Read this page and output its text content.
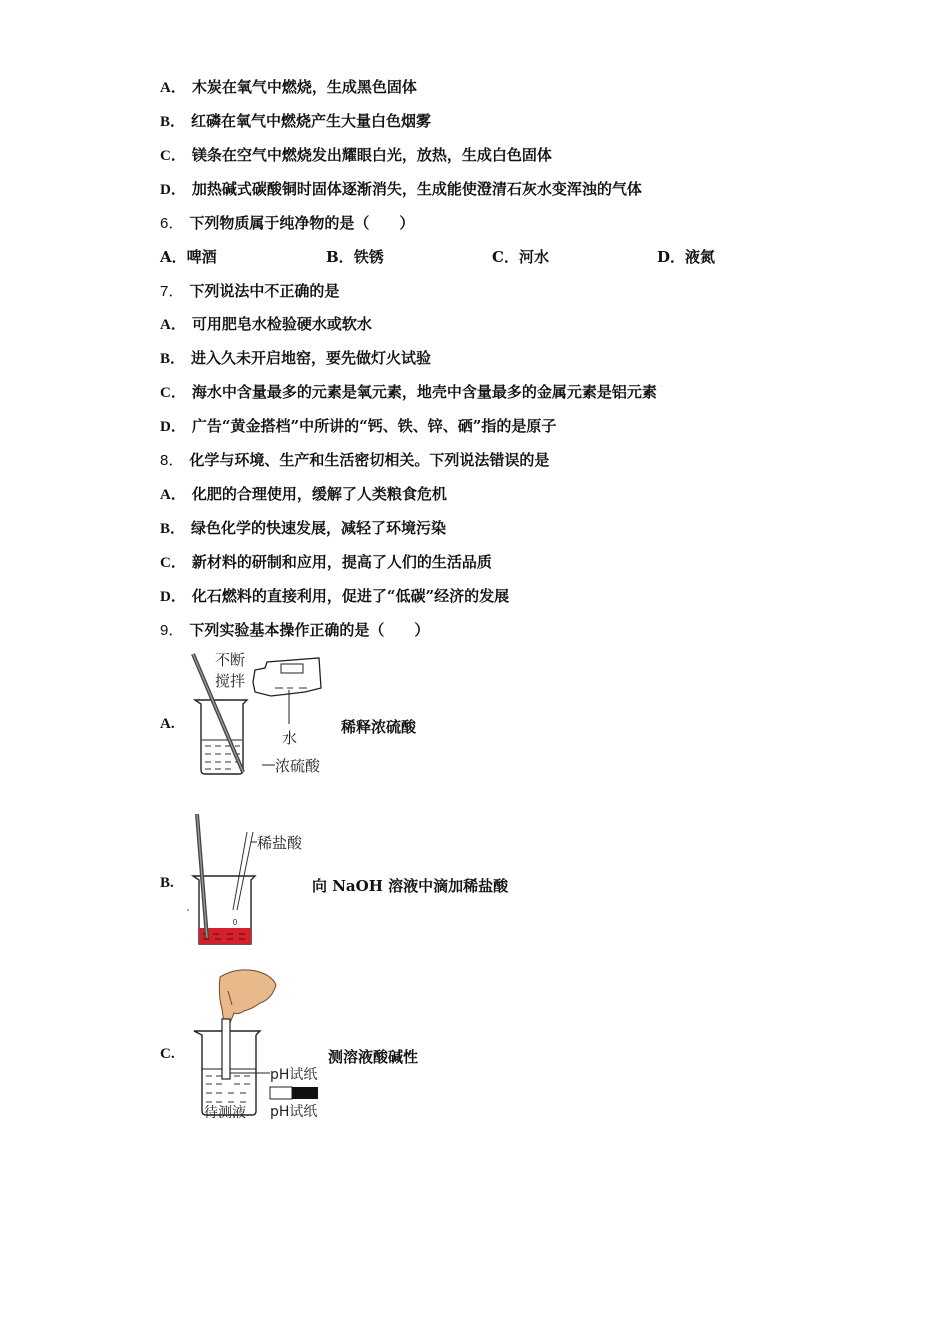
A． 木炭在氧气中燃烧，生成黑色固体
B． 红磷在氧气中燃烧产生大量白色烟雾
C． 镁条在空气中燃烧发出耀眼白光，放热，生成白色固体
D． 加热碱式碳酸铜时固体逐渐消失，生成能使澄清石灰水变浑浊的气体
6． 下列物质属于纯净物的是（　　）
A．啤酒	B．铁锈	C．河水	D．液氮
7． 下列说法中不正确的是
A． 可用肥皂水检验硬水或软水
B． 进入久未开启地窑，要先做灯火试验
C． 海水中含量最多的元素是氧元素，地壳中含量最多的金属元素是铝元素
D． 广告“黄金搭档”中所讲的“钙、铁、锌、硒”指的是原子
8． 化学与环境、生产和生活密切相关。下列说法错误的是
A． 化肥的合理使用，缓解了人类粮食危机
B． 绿色化学的快速发展，减轻了环境污染
C． 新材料的研制和应用，提高了人们的生活品质
D． 化石燃料的直接利用，促进了“低碳”经济的发展
9． 下列实验基本操作正确的是（　　）
A.
不断
搅拌
水
浓硫酸
稀释浓硫酸
B.
稀盐酸
向 NaOH 溶液中滴加稀盐酸
C.
pH试纸
待测液 pH试纸
测溶液酸碱性
